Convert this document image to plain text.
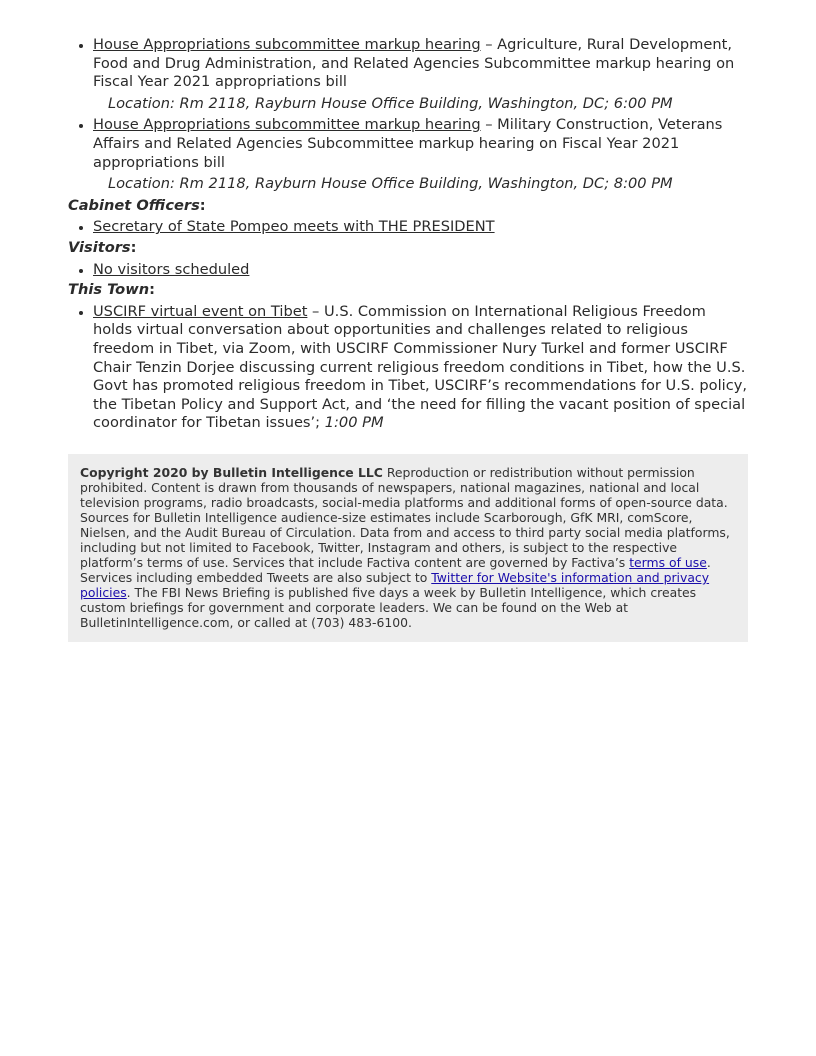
• House Appropriations subcommittee markup hearing – Agriculture, Rural Development, Food and Drug Administration, and Related Agencies Subcommittee markup hearing on Fiscal Year 2021 appropriations bill
Location: Rm 2118, Rayburn House Office Building, Washington, DC; 6:00 PM
• House Appropriations subcommittee markup hearing – Military Construction, Veterans Affairs and Related Agencies Subcommittee markup hearing on Fiscal Year 2021 appropriations bill
Location: Rm 2118, Rayburn House Office Building, Washington, DC; 8:00 PM
Cabinet Officers:
• Secretary of State Pompeo meets with THE PRESIDENT
Visitors:
• No visitors scheduled
This Town:
• USCIRF virtual event on Tibet – U.S. Commission on International Religious Freedom holds virtual conversation about opportunities and challenges related to religious freedom in Tibet, via Zoom, with USCIRF Commissioner Nury Turkel and former USCIRF Chair Tenzin Dorjee discussing current religious freedom conditions in Tibet, how the U.S. Govt has promoted religious freedom in Tibet, USCIRF’s recommendations for U.S. policy, the Tibetan Policy and Support Act, and ‘the need for filling the vacant position of special coordinator for Tibetan issues’; 1:00 PM
Copyright 2020 by Bulletin Intelligence LLC Reproduction or redistribution without permission prohibited. Content is drawn from thousands of newspapers, national magazines, national and local television programs, radio broadcasts, social-media platforms and additional forms of open-source data. Sources for Bulletin Intelligence audience-size estimates include Scarborough, GfK MRI, comScore, Nielsen, and the Audit Bureau of Circulation. Data from and access to third party social media platforms, including but not limited to Facebook, Twitter, Instagram and others, is subject to the respective platform’s terms of use. Services that include Factiva content are governed by Factiva’s terms of use. Services including embedded Tweets are also subject to Twitter for Website's information and privacy policies. The FBI News Briefing is published five days a week by Bulletin Intelligence, which creates custom briefings for government and corporate leaders. We can be found on the Web at BulletinIntelligence.com, or called at (703) 483-6100.
